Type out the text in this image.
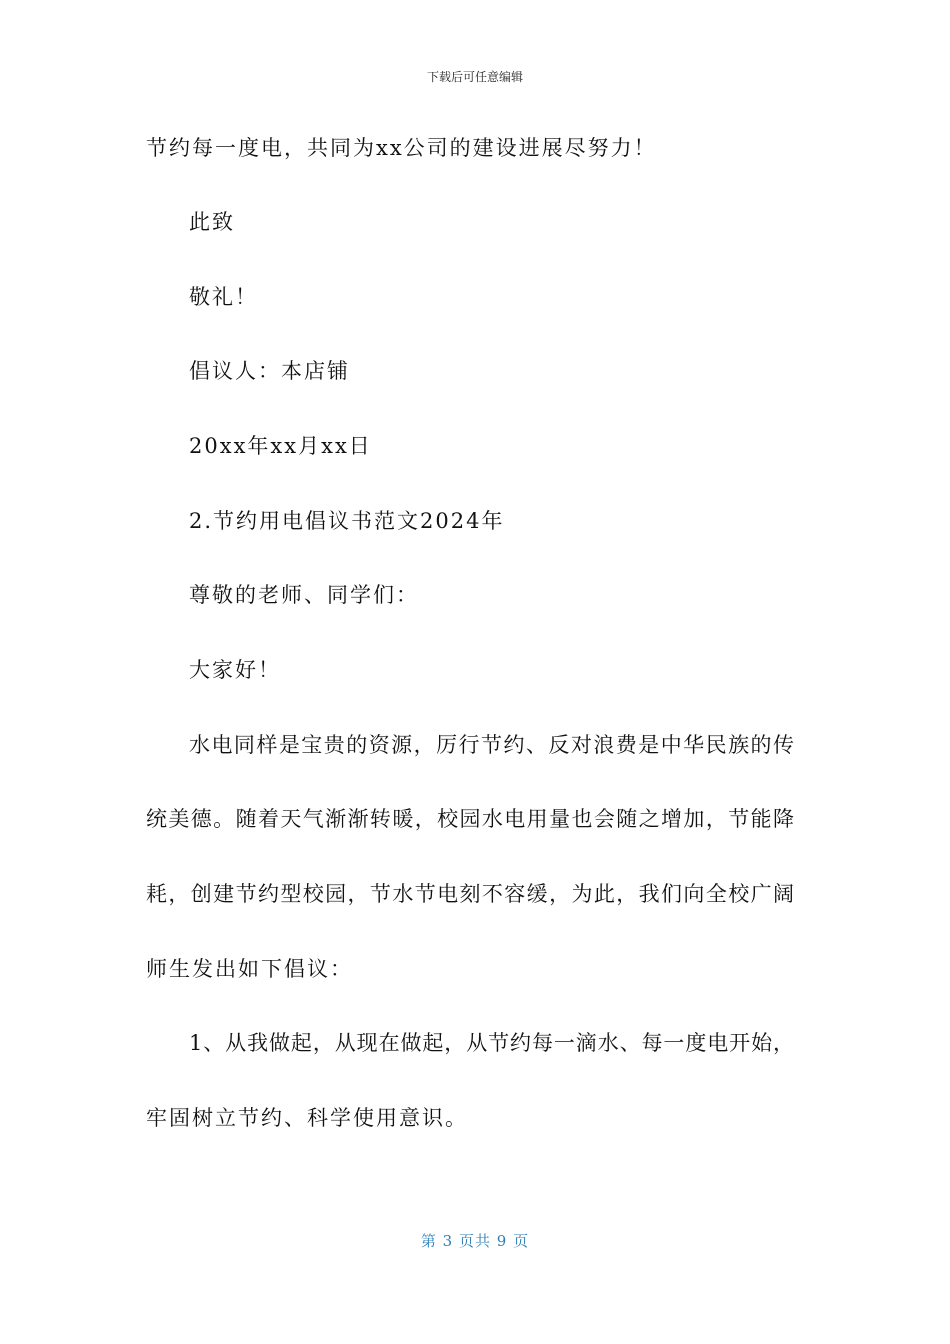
下载后可任意编辑
节约每一度电，共同为xx公司的建设进展尽努力！
此致
敬礼！
倡议人：本店铺
20xx年xx月xx日
2.节约用电倡议书范文2024年
尊敬的老师、同学们：
大家好！
水电同样是宝贵的资源，厉行节约、反对浪费是中华民族的传
统美德。随着天气渐渐转暖，校园水电用量也会随之增加，节能降
耗，创建节约型校园，节水节电刻不容缓，为此，我们向全校广阔
师生发出如下倡议：
1、从我做起，从现在做起，从节约每一滴水、每一度电开始，
牢固树立节约、科学使用意识。
第 3 页共 9 页
